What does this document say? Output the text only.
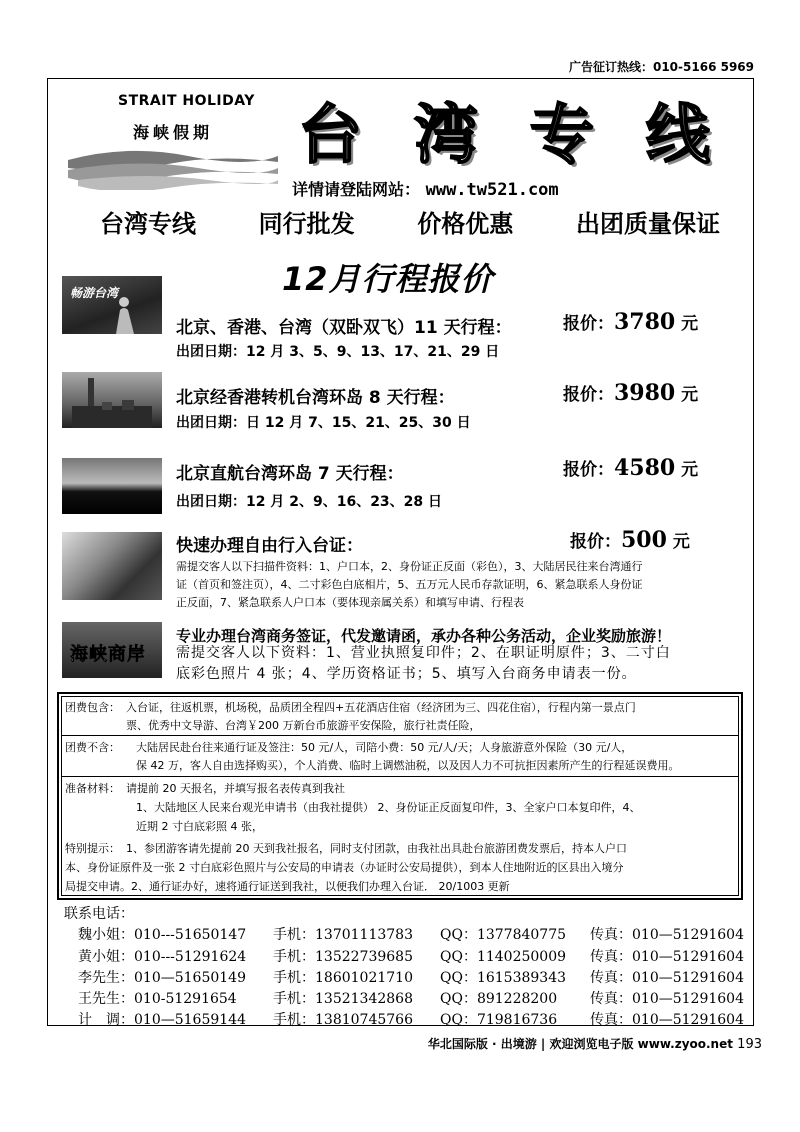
广告征订热线：010-5166 5969
STRAIT HOLIDAY
海峡假期 台湾专线
详情请登陆网站： www.tw521.com
台湾专线	同行批发	价格优惠	出团质量保证
12月行程报价
畅游台湾
北京、香港、台湾（双卧双飞）11 天行程：	报价：3780 元
出团日期：12 月 3、5、9、13、17、21、29 日
北京经香港转机台湾环岛 8 天行程：	报价：3980 元
出团日期：日 12 月 7、15、21、25、30 日
北京直航台湾环岛 7 天行程：	报价：4580 元
出团日期：12 月 2、9、16、23、28 日
快速办理自由行入台证：	报价：500 元
需提交客人以下扫描件资料：1、户口本，2、身份证正反面（彩色），3、大陆居民往来台湾通行
证（首页和签注页），4、二寸彩色白底相片，5、五万元人民币存款证明，6、紧急联系人身份证
正反面，7、紧急联系人户口本（要体现亲属关系）和填写申请、行程表
海峡商岸
专业办理台湾商务签证，代发邀请函，承办各种公务活动，企业奖励旅游！
需提交客人以下资料：1、营业执照复印件；2、在职证明原件；3、二寸白
底彩色照片 4 张；4、学历资格证书；5、填写入台商务申请表一份。
团费包含： 入台证，往返机票，机场税，品质团全程四+五花酒店住宿（经济团为三、四花住宿），行程内第一景点门
票、优秀中文导游、台湾￥200 万新台币旅游平安保险，旅行社责任险，
团费不含： 大陆居民赴台往来通行证及签注：50 元/人，司陪小费：50 元/人/天；人身旅游意外保险（30 元/人，
保 42 万，客人自由选择购买），个人消费、临时上调燃油税，以及因人力不可抗拒因素所产生的行程延误费用。
准备材料： 请提前 20 天报名，并填写报名表传真到我社
1、大陆地区人民来台观光申请书（由我社提供） 2、身份证正反面复印件，3、全家户口本复印件，4、
近期 2 寸白底彩照 4 张，
特别提示： 1、参团游客请先提前 20 天到我社报名，同时支付团款，由我社出具赴台旅游团费发票后，持本人户口
本、身份证原件及一张 2 寸白底彩色照片与公安局的申请表（办证时公安局提供），到本人住地附近的区县出入境分
局提交申请。2、通行证办好，速将通行证送到我社，以便我们办理入台证． 20/1003 更新
联系电话：
魏小姐：010---51650147 手机：13701113783 QQ：1377840775 传真：010—51291604
黄小姐：010---51291624 手机：13522739685 QQ：1140250009 传真：010—51291604
李先生：010—51650149 手机：18601021710 QQ：1615389343 传真：010—51291604
王先生：010-51291654	手机：13521342868 QQ：891228200 传真：010—51291604
计　调：010—51659144 手机：13810745766 QQ：719816736 传真：010—51291604
华北国际版 · 出境游 | 欢迎浏览电子版 www.zyoo.net 193
